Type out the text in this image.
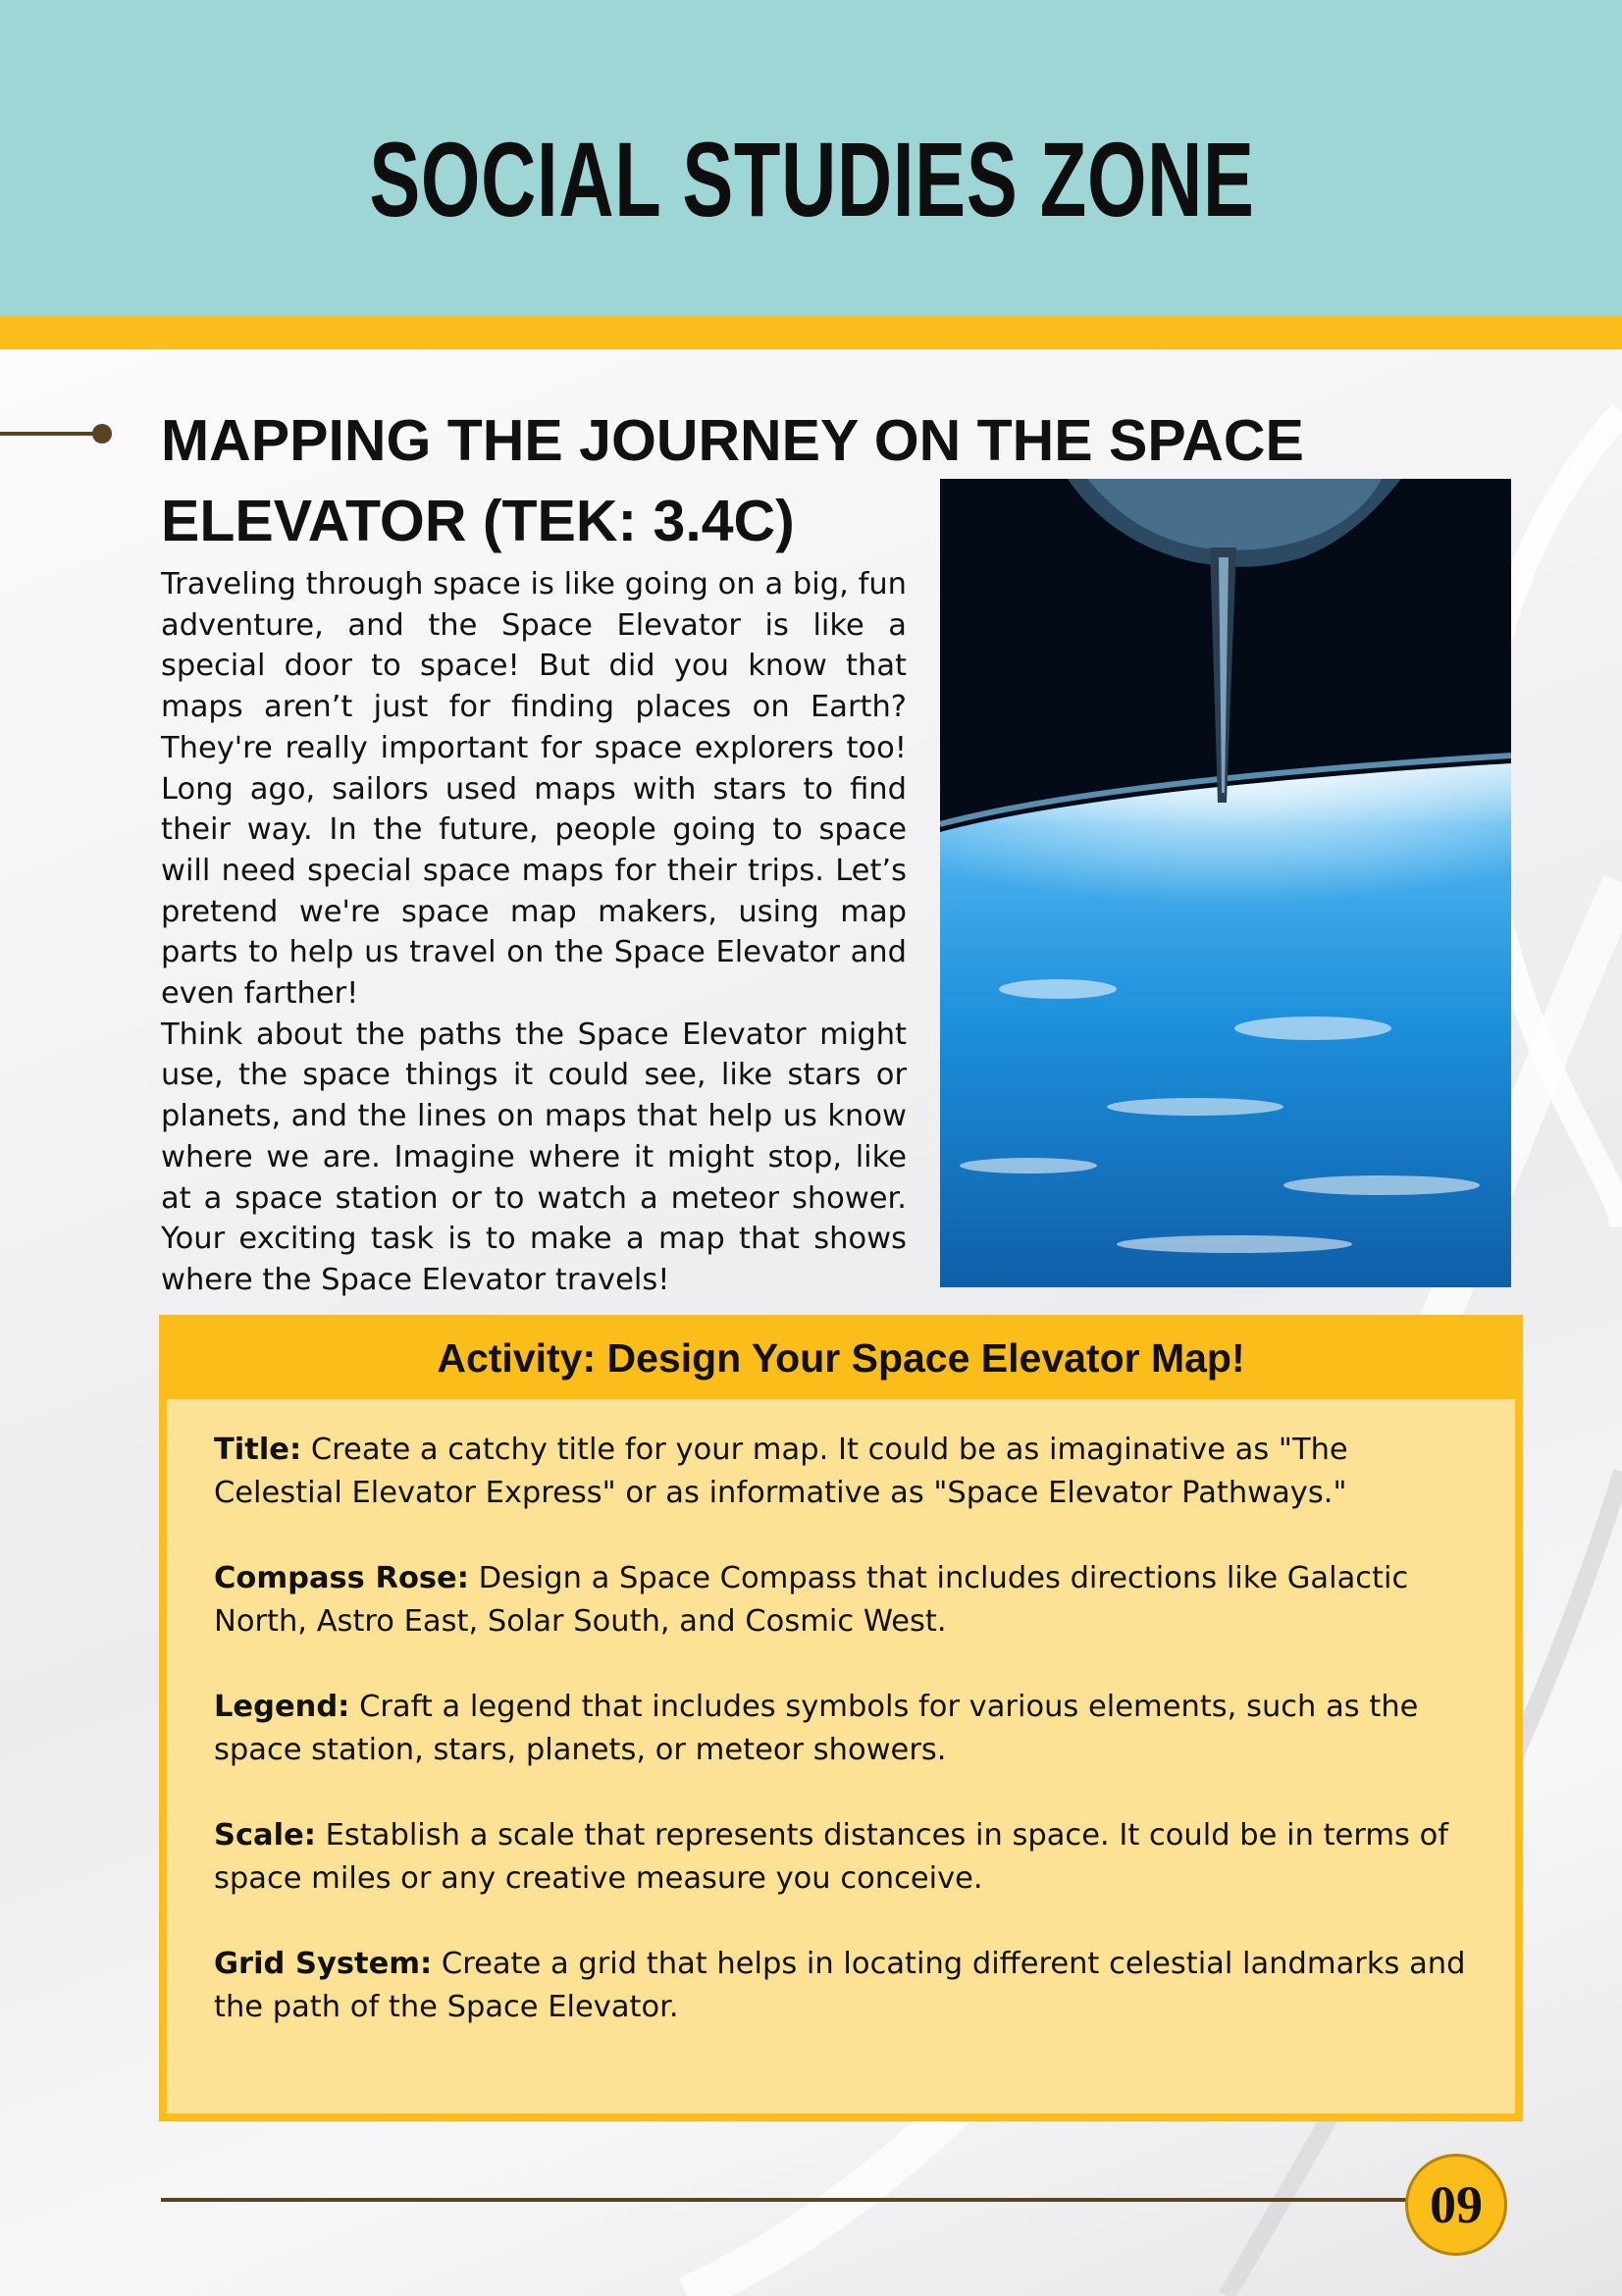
SOCIAL STUDIES ZONE
MAPPING THE JOURNEY ON THE SPACE ELEVATOR (TEK: 3.4C)

Traveling through space is like going on a big, fun adventure, and the Space Elevator is like a special door to space! But did you know that maps aren’t just for finding places on Earth? They're really important for space explorers too! Long ago, sailors used maps with stars to find their way. In the future, people going to space will need special space maps for their trips. Let’s pretend we're space map makers, using map parts to help us travel on the Space Elevator and even farther!

Think about the paths the Space Elevator might use, the space things it could see, like stars or planets, and the lines on maps that help us know where we are. Imagine where it might stop, like at a space station or to watch a meteor shower. Your exciting task is to make a map that shows where the Space Elevator travels!

Activity: Design Your Space Elevator Map!
Title: Create a catchy title for your map. It could be as imaginative as "The Celestial Elevator Express" or as informative as "Space Elevator Pathways."
Compass Rose: Design a Space Compass that includes directions like Galactic North, Astro East, Solar South, and Cosmic West.
Legend: Craft a legend that includes symbols for various elements, such as the space station, stars, planets, or meteor showers.
Scale: Establish a scale that represents distances in space. It could be in terms of space miles or any creative measure you conceive.
Grid System: Create a grid that helps in locating different celestial landmarks and the path of the Space Elevator.
09
